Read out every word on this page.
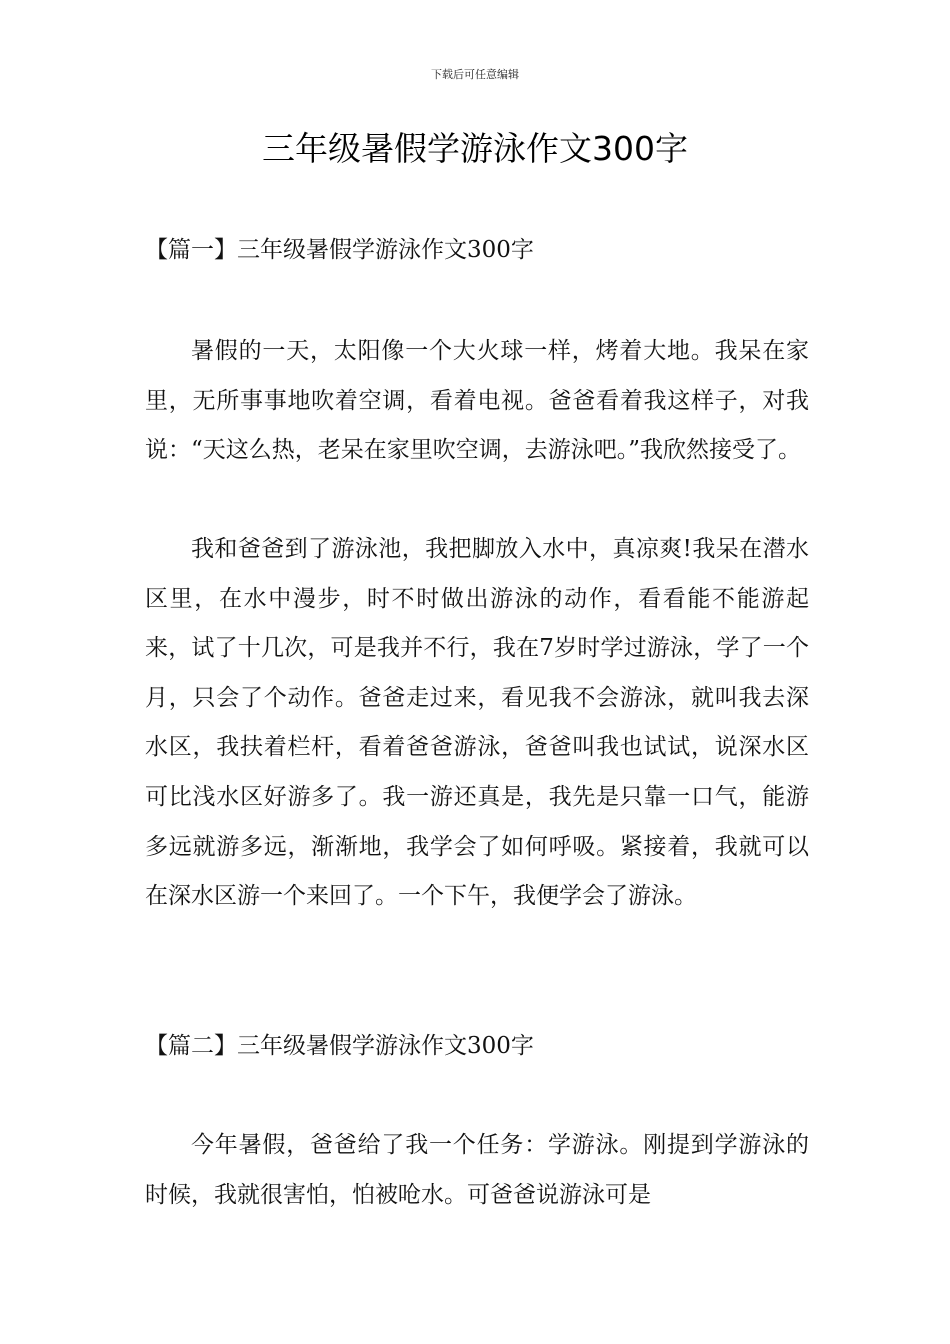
下载后可任意编辑
三年级暑假学游泳作文300字
【篇一】三年级暑假学游泳作文300字

暑假的一天，太阳像一个大火球一样，烤着大地。我呆在家里，无所事事地吹着空调，看着电视。爸爸看着我这样子，对我说：“天这么热，老呆在家里吹空调，去游泳吧。”我欣然接受了。

我和爸爸到了游泳池，我把脚放入水中，真凉爽!我呆在潜水区里，在水中漫步，时不时做出游泳的动作，看看能不能游起来，试了十几次，可是我并不行，我在7岁时学过游泳，学了一个月，只会了个动作。爸爸走过来，看见我不会游泳，就叫我去深水区，我扶着栏杆，看着爸爸游泳，爸爸叫我也试试，说深水区可比浅水区好游多了。我一游还真是，我先是只靠一口气，能游多远就游多远，渐渐地，我学会了如何呼吸。紧接着，我就可以在深水区游一个来回了。一个下午，我便学会了游泳。

【篇二】三年级暑假学游泳作文300字

今年暑假，爸爸给了我一个任务：学游泳。刚提到学游泳的时候，我就很害怕，怕被呛水。可爸爸说游泳可是
